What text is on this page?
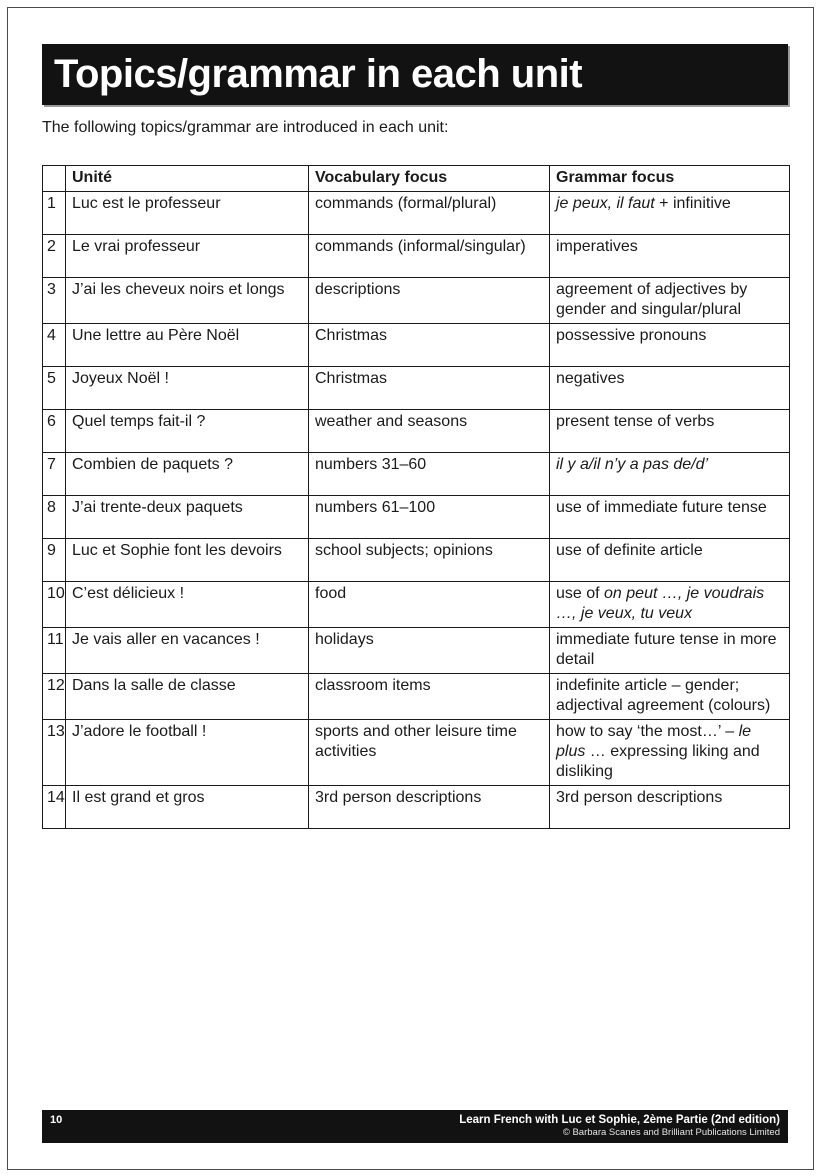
Topics/grammar in each unit

The following topics/grammar are introduced in each unit:

	Unité	Vocabulary focus	Grammar focus
1	Luc est le professeur	commands (formal/plural)	je peux, il faut + infinitive
2	Le vrai professeur	commands (informal/singular)	imperatives
3	J’ai les cheveux noirs et longs	descriptions	agreement of adjectives by gender and singular/plural
4	Une lettre au Père Noël	Christmas	possessive pronouns
5	Joyeux Noël !	Christmas	negatives
6	Quel temps fait-il ?	weather and seasons	present tense of verbs
7	Combien de paquets ?	numbers 31–60	il y a/il n’y a pas de/d’
8	J’ai trente-deux paquets	numbers 61–100	use of immediate future tense
9	Luc et Sophie font les devoirs	school subjects; opinions	use of definite article
10	C’est délicieux !	food	use of on peut …, je voudrais …, je veux, tu veux
11	Je vais aller en vacances !	holidays	immediate future tense in more detail
12	Dans la salle de classe	classroom items	indefinite article – gender; adjectival agreement (colours)
13	J’adore le football !	sports and other leisure time activities	how to say ‘the most…’ – le plus … expressing liking and disliking
14	Il est grand et gros	3rd person descriptions	3rd person descriptions
10	Learn French with Luc et Sophie, 2ème Partie (2nd edition)
© Barbara Scanes and Brilliant Publications Limited
